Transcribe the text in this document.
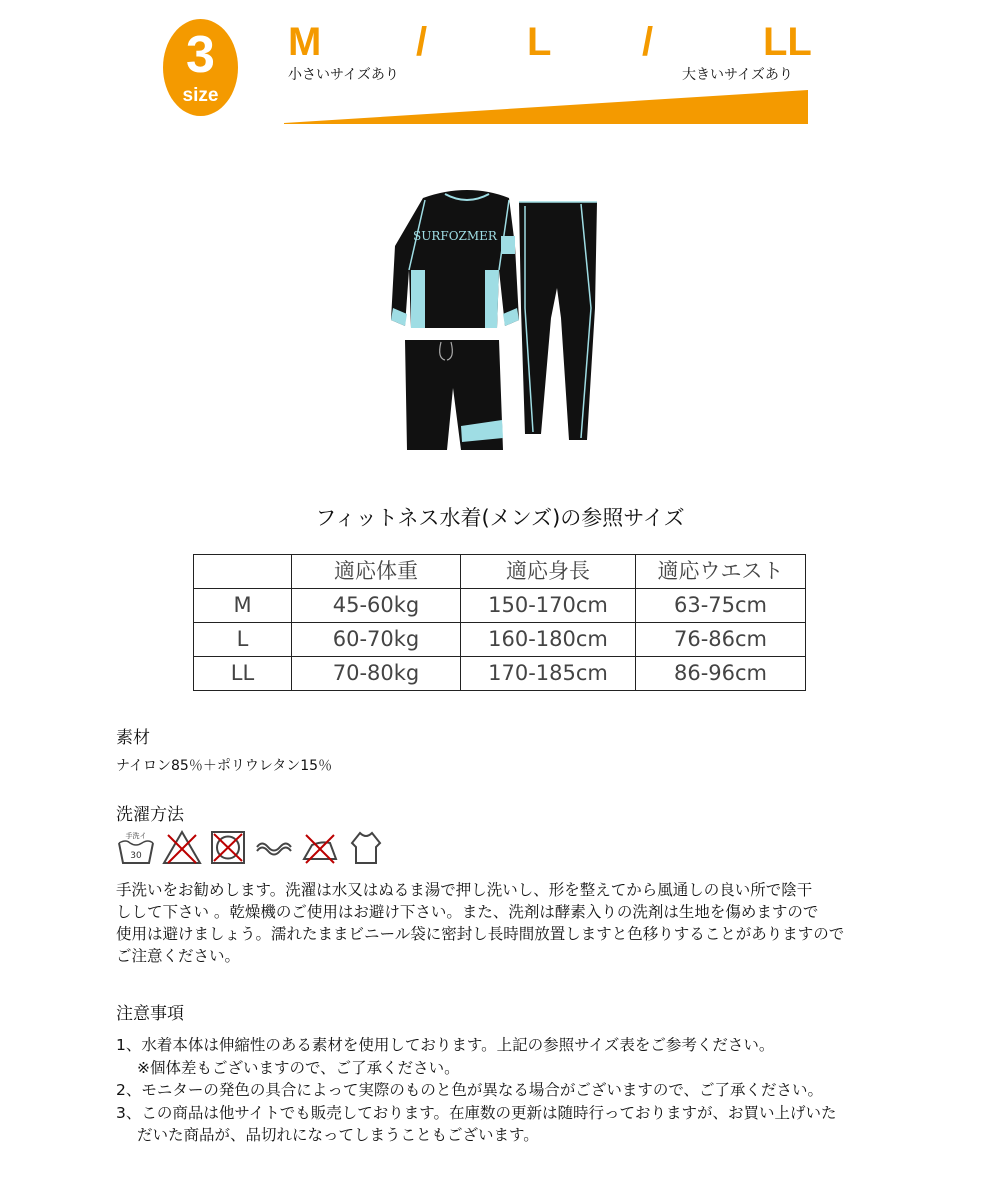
3
size
M / L /	LL
小さいサイズあり	大きいサイズあり
SURFOZMER
フィットネス水着(メンズ)の参照サイズ
	適応体重	適応身長	適応ウエスト
M	45-60kg	150-170cm	63-75cm
L	60-70kg	160-180cm	76-86cm
LL	70-80kg	170-185cm	86-96cm
素材
ナイロン85％＋ポリウレタン15％
洗濯方法
手洗イ
30
手洗いをお勧めします。洗濯は水又はぬるま湯で押し洗いし、形を整えてから風通しの良い所で陰干
しして下さい 。乾燥機のご使用はお避け下さい。また、洗剤は酵素入りの洗剤は生地を傷めますので
使用は避けましょう。濡れたままビニール袋に密封し長時間放置しますと色移りすることがありますので
ご注意ください。
注意事項
1、水着本体は伸縮性のある素材を使用しております。上記の参照サイズ表をご参考ください。
※個体差もございますので、ご了承ください。
2、モニターの発色の具合によって実際のものと色が異なる場合がございますので、ご了承ください。
3、この商品は他サイトでも販売しております。在庫数の更新は随時行っておりますが、お買い上げいた
だいた商品が、品切れになってしまうこともございます。
